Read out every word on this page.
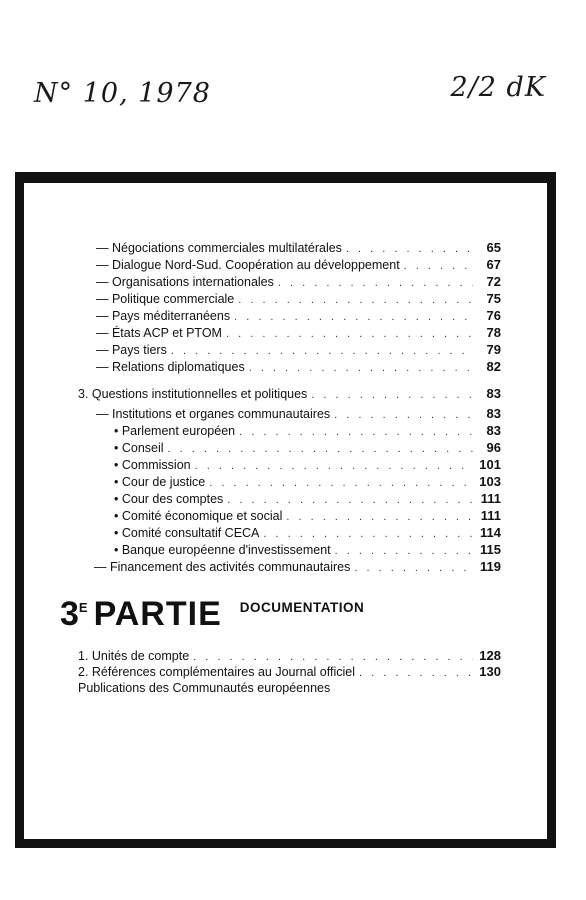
N° 10, 1978	2/2 dK
— Négociations commerciales multilatérales . . .	65
— Dialogue Nord-Sud. Coopération au développement . . .	67
— Organisations internationales . . .	72
— Politique commerciale . . .	75
— Pays méditerranéens . . .	76
— États ACP et PTOM . . .	78
— Pays tiers . . .	79
— Relations diplomatiques . . .	82
3. Questions institutionnelles et politiques . . .	83
— Institutions et organes communautaires . . .	83
• Parlement européen . . .	83
• Conseil . . .	96
• Commission . . .	101
• Cour de justice . . .	103
• Cour des comptes . . .	111
• Comité économique et social . . .	111
• Comité consultatif CECA . . .	114
• Banque européenne d'investissement . . .	115
— Financement des activités communautaires . . .	119
3 E PARTIE DOCUMENTATION
1. Unités de compte . . .	128
2. Références complémentaires au Journal officiel . . .	130
Publications des Communautés européennes
